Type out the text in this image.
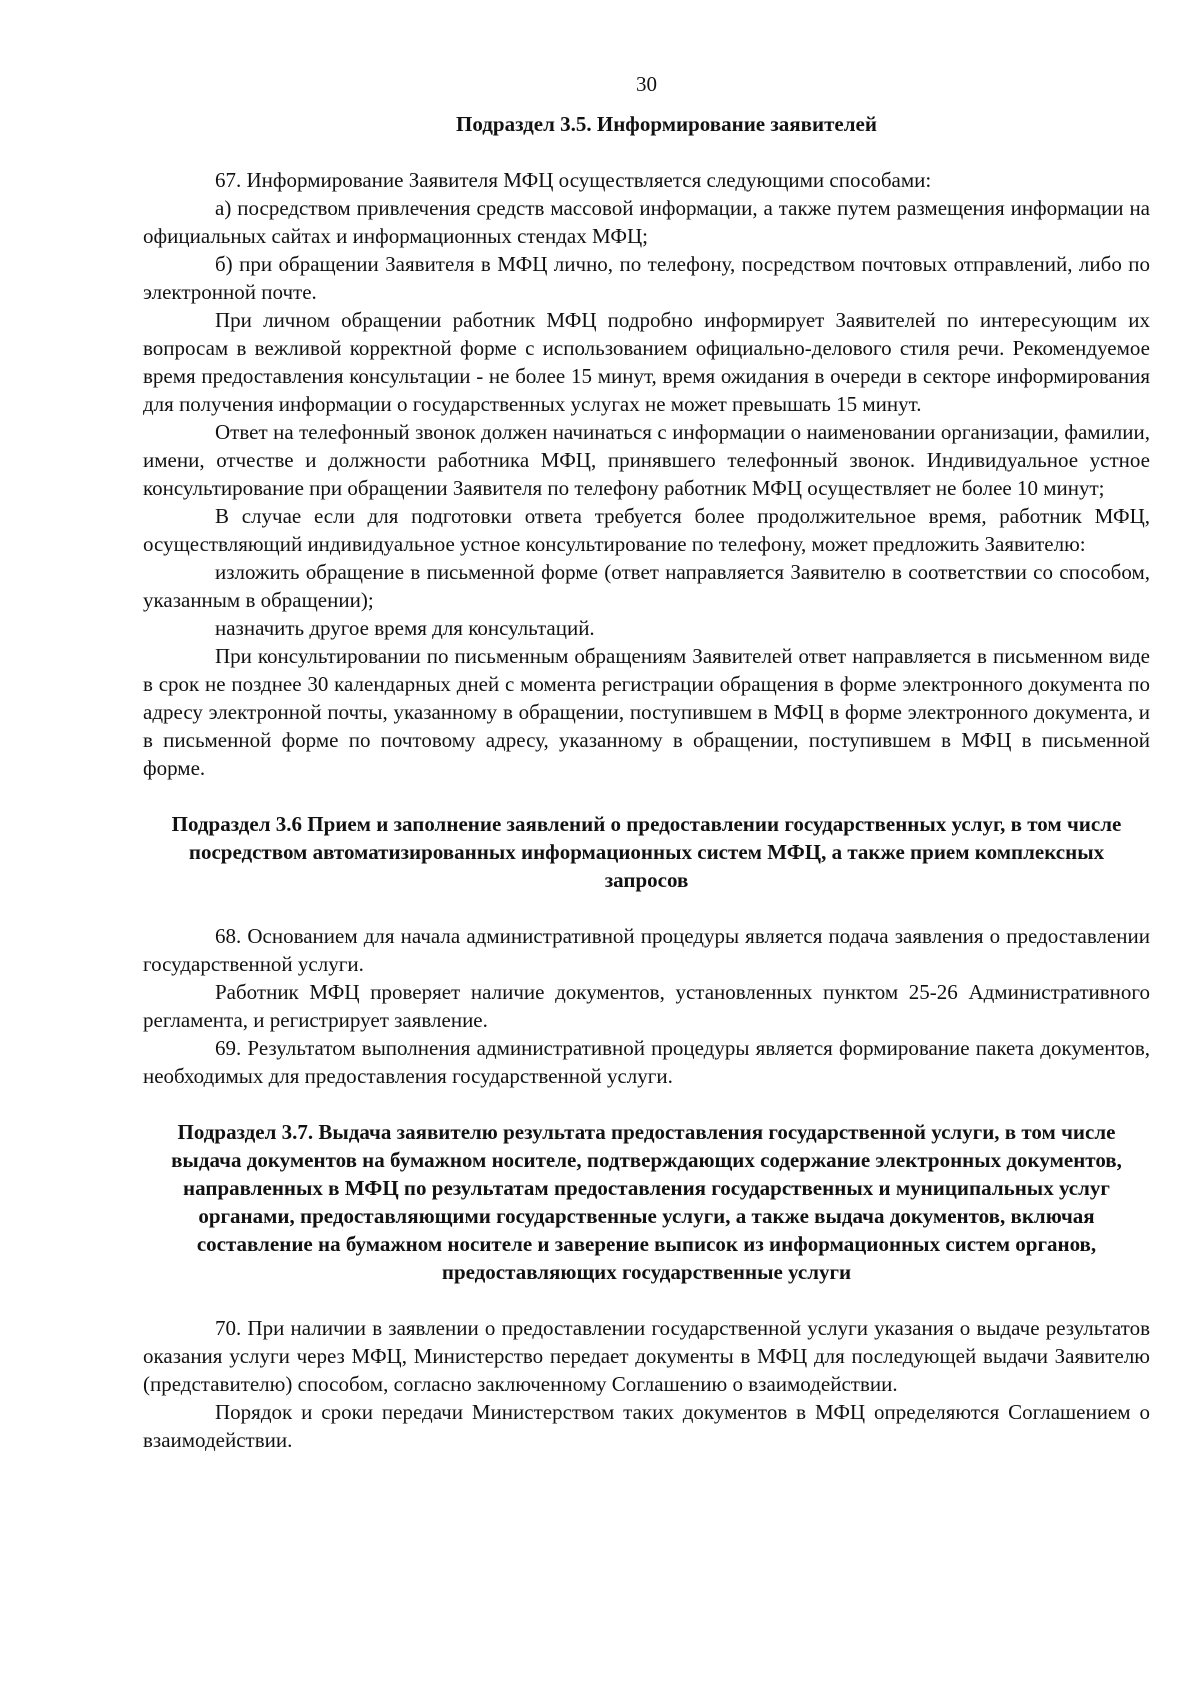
30
Подраздел 3.5. Информирование заявителей

67. Информирование Заявителя МФЦ осуществляется следующими способами:

а) посредством привлечения средств массовой информации, а также путем размещения информации на официальных сайтах и информационных стендах МФЦ;

б) при обращении Заявителя в МФЦ лично, по телефону, посредством почтовых отправлений, либо по электронной почте.

При личном обращении работник МФЦ подробно информирует Заявителей по интересующим их вопросам в вежливой корректной форме с использованием официально-делового стиля речи. Рекомендуемое время предоставления консультации - не более 15 минут, время ожидания в очереди в секторе информирования для получения информации о государственных услугах не может превышать 15 минут.

Ответ на телефонный звонок должен начинаться с информации о наименовании организации, фамилии, имени, отчестве и должности работника МФЦ, принявшего телефонный звонок. Индивидуальное устное консультирование при обращении Заявителя по телефону работник МФЦ осуществляет не более 10 минут;

В случае если для подготовки ответа требуется более продолжительное время, работник МФЦ, осуществляющий индивидуальное устное консультирование по телефону, может предложить Заявителю:

изложить обращение в письменной форме (ответ направляется Заявителю в соответствии со способом, указанным в обращении);

назначить другое время для консультаций.

При консультировании по письменным обращениям Заявителей ответ направляется в письменном виде в срок не позднее 30 календарных дней с момента регистрации обращения в форме электронного документа по адресу электронной почты, указанному в обращении, поступившем в МФЦ в форме электронного документа, и в письменной форме по почтовому адресу, указанному в обращении, поступившем в МФЦ в письменной форме.

Подраздел 3.6 Прием и заполнение заявлений о предоставлении государственных услуг, в том числе посредством автоматизированных информационных систем МФЦ, а также прием комплексных запросов

68. Основанием для начала административной процедуры является подача заявления о предоставлении государственной услуги.

Работник МФЦ проверяет наличие документов, установленных пунктом 25-26 Административного регламента, и регистрирует заявление.

69. Результатом выполнения административной процедуры является формирование пакета документов, необходимых для предоставления государственной услуги.

Подраздел 3.7. Выдача заявителю результата предоставления государственной услуги, в том числе выдача документов на бумажном носителе, подтверждающих содержание электронных документов, направленных в МФЦ по результатам предоставления государственных и муниципальных услуг органами, предоставляющими государственные услуги, а также выдача документов, включая составление на бумажном носителе и заверение выписок из информационных систем органов, предоставляющих государственные услуги

70. При наличии в заявлении о предоставлении государственной услуги указания о выдаче результатов оказания услуги через МФЦ, Министерство передает документы в МФЦ для последующей выдачи Заявителю (представителю) способом, согласно заключенному Соглашению о взаимодействии.

Порядок и сроки передачи Министерством таких документов в МФЦ определяются Соглашением о взаимодействии.
